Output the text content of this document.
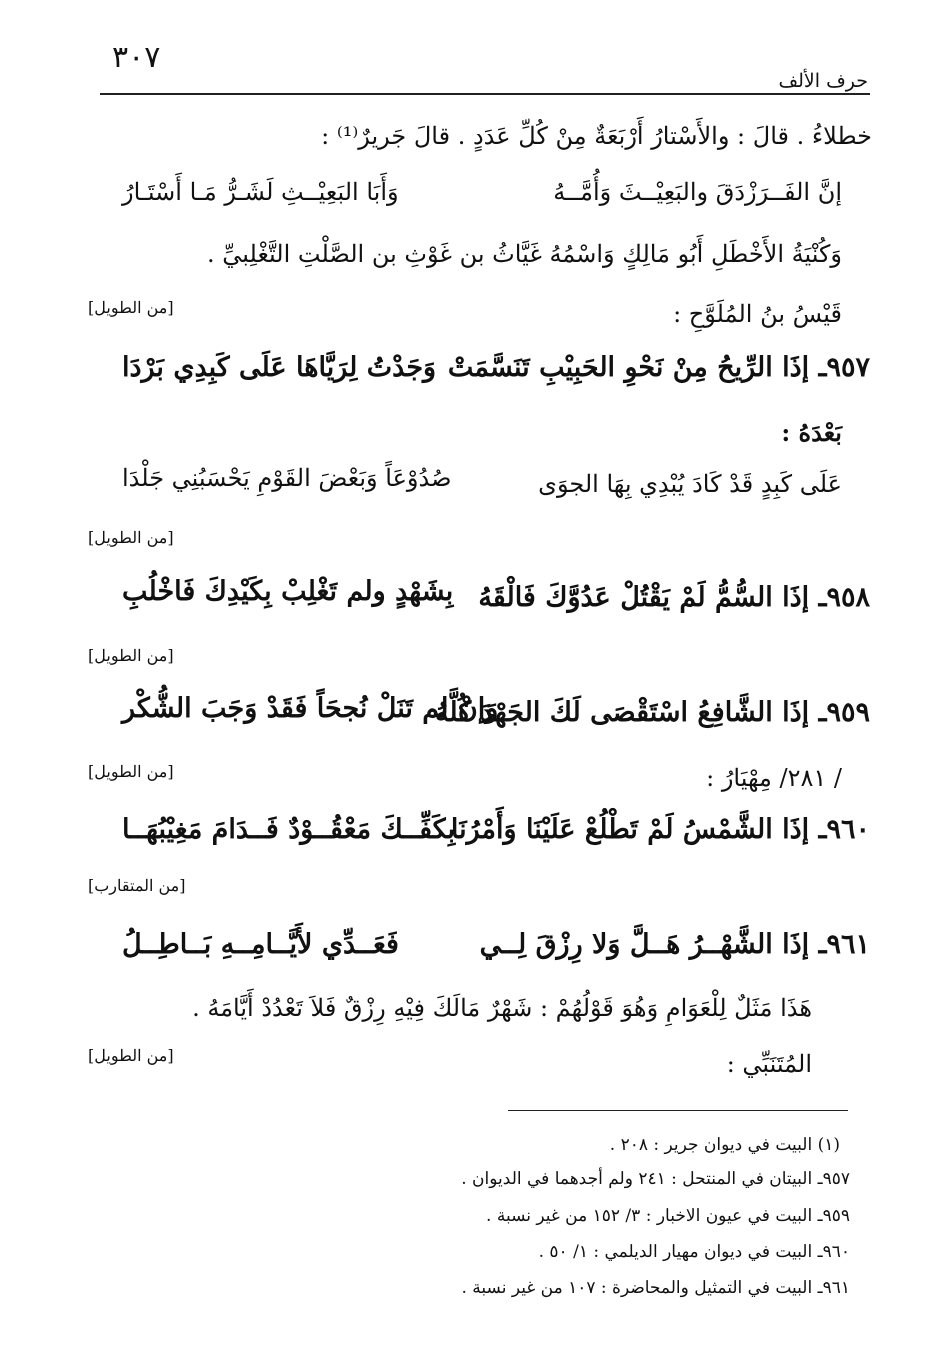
٣٠٧
حرف الألف
خطلاءُ . قالَ : والأَسْتارُ أَرْبَعَةٌ مِنْ كُلِّ عَدَدٍ . قالَ جَريرٌ⁽¹⁾ :
إنَّ الفَــرَزْدَقَ والبَعِيْــثَ وَأُمَّــهُ
وَأَبَا البَعِيْــثِ لَشَـرُّ مَـا أَسْتَـارُ
وَكُنْيَةُ الأَخْطَلِ أَبُو مَالِكٍ وَاسْمُهُ غَيَّاثُ بن غَوْثِ بن الصَّلْتِ التَّغْلِبيِّ .
[من الطويل]	قَيْسُ بنُ المُلَوَّحِ :
٩٥٧ـ إذَا الرِّيحُ مِنْ نَحْوِ الحَبِيْبِ تَنَسَّمَتْ
وَجَدْتُ لِرَيَّاهَا عَلَى كَبِدِي بَرْدَا
بَعْدَهُ :
عَلَى كَبِدٍ قَدْ كَادَ يُبْدِي بِهَا الجوَى
صُدُوْعَاً وَبَعْضَ القَوْمِ يَحْسَبُنِي جَلْدَا
[من الطويل]
٩٥٨ـ إذَا السُّمُّ لَمْ يَقْتُلْ عَدُوَّكَ فَالْقَهُ
بِشَهْدٍ ولم تَغْلِبْ بِكَيْدِكَ فَاخْلُبِ
[من الطويل]
٩٥٩ـ إذَا الشَّافِعُ اسْتَقْصَى لَكَ الجَهْدَ كُلَّهُ
وَإنْ لم تَنَلْ نُجحَاً فَقَدْ وَجَبَ الشُّكْر
[من الطويل]	/ ٢٨١/ مِهْيَارُ :
٩٦٠ـ إذَا الشَّمْسُ لَمْ تَطْلُعْ عَلَيْنَا وَأَمْرُنَا
بِكَفِّــكَ مَعْقُــوْدٌ فَــدَامَ مَغِيْبُهَــا
[من المتقارب]
٩٦١ـ إذَا الشَّهْــرُ هَــلَّ وَلا رِزْقَ لِــي
فَعَــدِّي لأَيَّــامِــهِ بَــاطِــلُ
هَذَا مَثَلٌ لِلْعَوَامِ وَهُوَ قَوْلُهُمْ : شَهْرٌ مَالَكَ فِيْهِ رِزْقٌ فَلاَ تَعْدُدْ أَيَّامَهُ .
[من الطويل]	المُتَنَبِّي :
(١) البيت في ديوان جرير : ٢٠٨ .
٩٥٧ـ البيتان في المنتحل : ٢٤١ ولم أجدهما في الديوان .
٩٥٩ـ البيت في عيون الاخبار : ٣/ ١٥٢ من غير نسبة .
٩٦٠ـ البيت في ديوان مهيار الديلمي : ١/ ٥٠ .
٩٦١ـ البيت في التمثيل والمحاضرة : ١٠٧ من غير نسبة .
